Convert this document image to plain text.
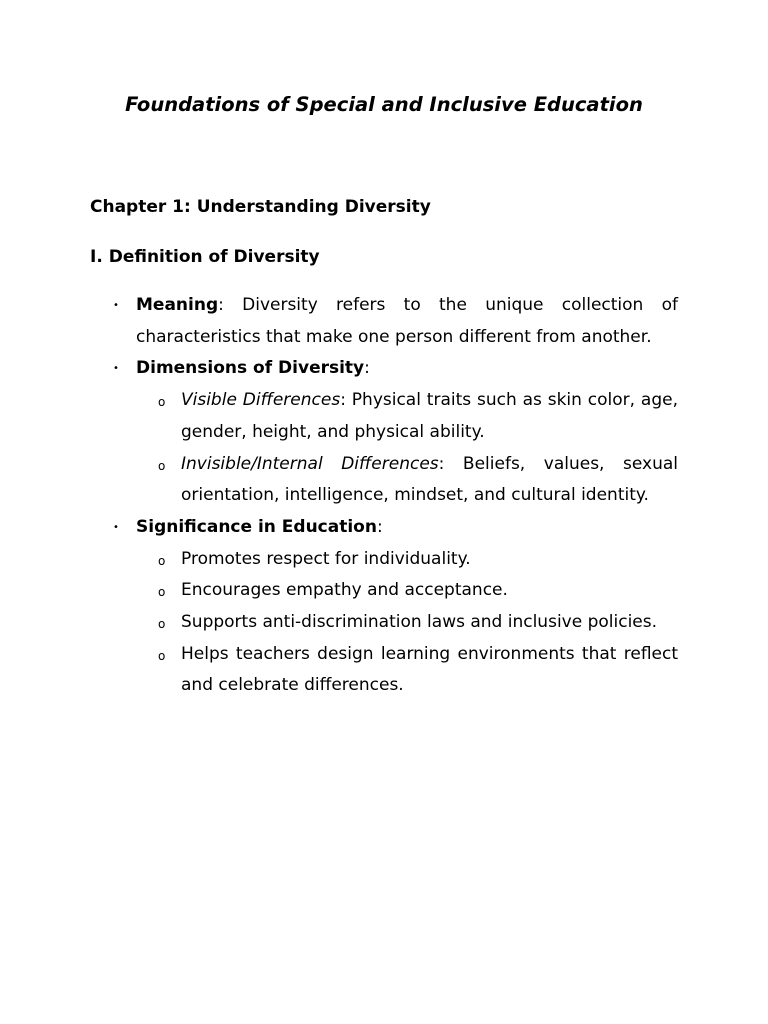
Foundations of Special and Inclusive Education
Chapter 1: Understanding Diversity
I. Definition of Diversity

• Meaning: Diversity refers to the unique collection of characteristics that make one person different from another.

• Dimensions of Diversity:

o Visible Differences: Physical traits such as skin color, age, gender, height, and physical ability.

o Invisible/Internal Differences: Beliefs, values, sexual orientation, intelligence, mindset, and cultural identity.

• Significance in Education:

o Promotes respect for individuality.

o Encourages empathy and acceptance.

o Supports anti-discrimination laws and inclusive policies.

o Helps teachers design learning environments that reflect and celebrate differences.
